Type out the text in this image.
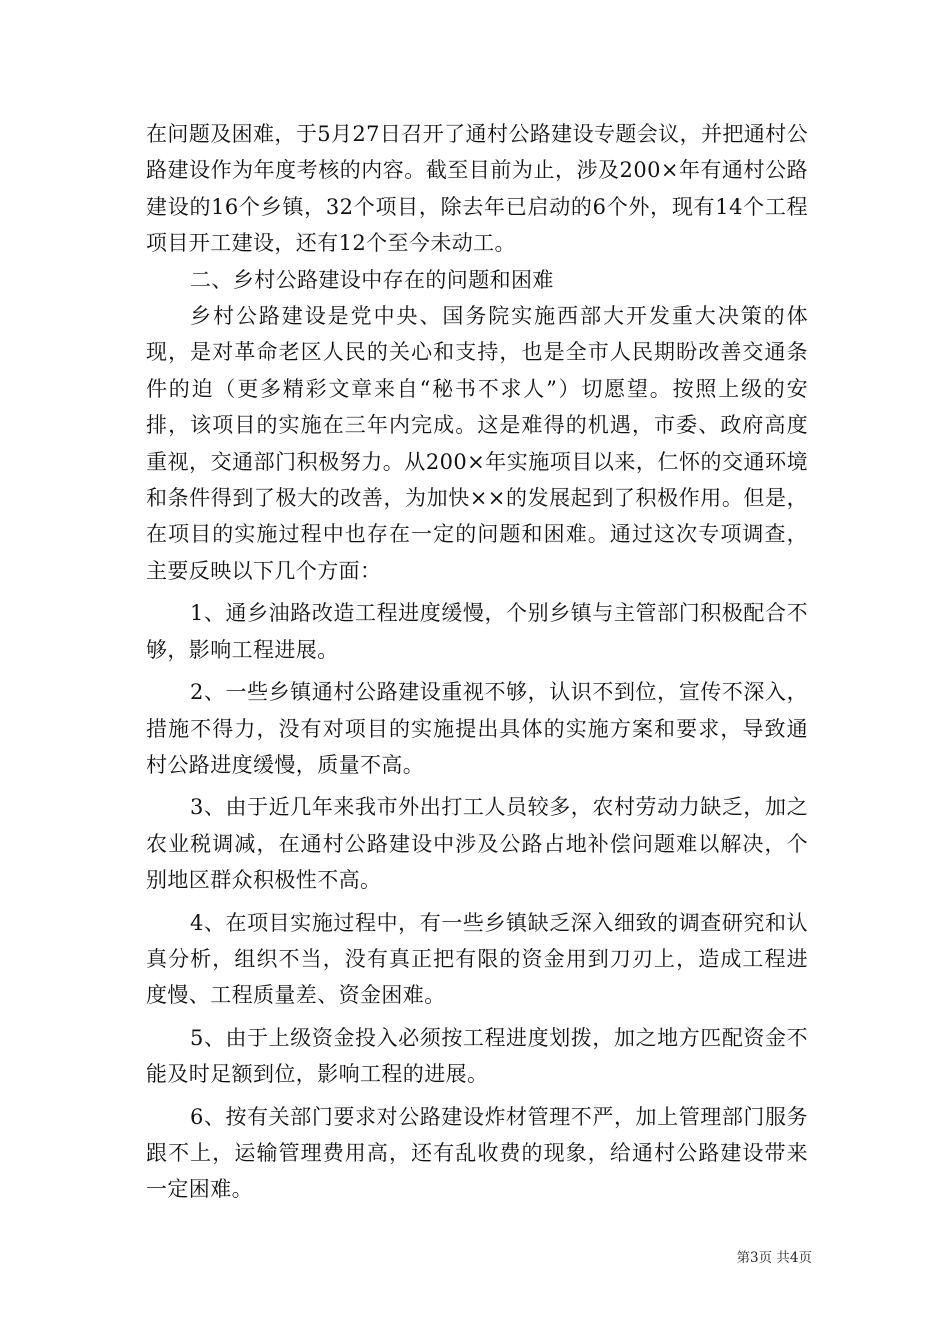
在问题及困难，于5月27日召开了通村公路建设专题会议，并把通村公路建设作为年度考核的内容。截至目前为止，涉及200×年有通村公路建设的16个乡镇，32个项目，除去年已启动的6个外，现有14个工程项目开工建设，还有12个至今未动工。

二、乡村公路建设中存在的问题和困难

乡村公路建设是党中央、国务院实施西部大开发重大决策的体现，是对革命老区人民的关心和支持，也是全市人民期盼改善交通条件的迫（更多精彩文章来自“秘书不求人”）切愿望。按照上级的安排，该项目的实施在三年内完成。这是难得的机遇，市委、政府高度重视，交通部门积极努力。从200×年实施项目以来，仁怀的交通环境和条件得到了极大的改善，为加快××的发展起到了积极作用。但是，在项目的实施过程中也存在一定的问题和困难。通过这次专项调查，主要反映以下几个方面：

1、通乡油路改造工程进度缓慢，个别乡镇与主管部门积极配合不够，影响工程进展。

2、一些乡镇通村公路建设重视不够，认识不到位，宣传不深入，措施不得力，没有对项目的实施提出具体的实施方案和要求，导致通村公路进度缓慢，质量不高。

3、由于近几年来我市外出打工人员较多，农村劳动力缺乏，加之农业税调减，在通村公路建设中涉及公路占地补偿问题难以解决，个别地区群众积极性不高。

4、在项目实施过程中，有一些乡镇缺乏深入细致的调查研究和认真分析，组织不当，没有真正把有限的资金用到刀刃上，造成工程进度慢、工程质量差、资金困难。

5、由于上级资金投入必须按工程进度划拨，加之地方匹配资金不能及时足额到位，影响工程的进展。

6、按有关部门要求对公路建设炸材管理不严，加上管理部门服务跟不上，运输管理费用高，还有乱收费的现象，给通村公路建设带来一定困难。

第3页 共4页
